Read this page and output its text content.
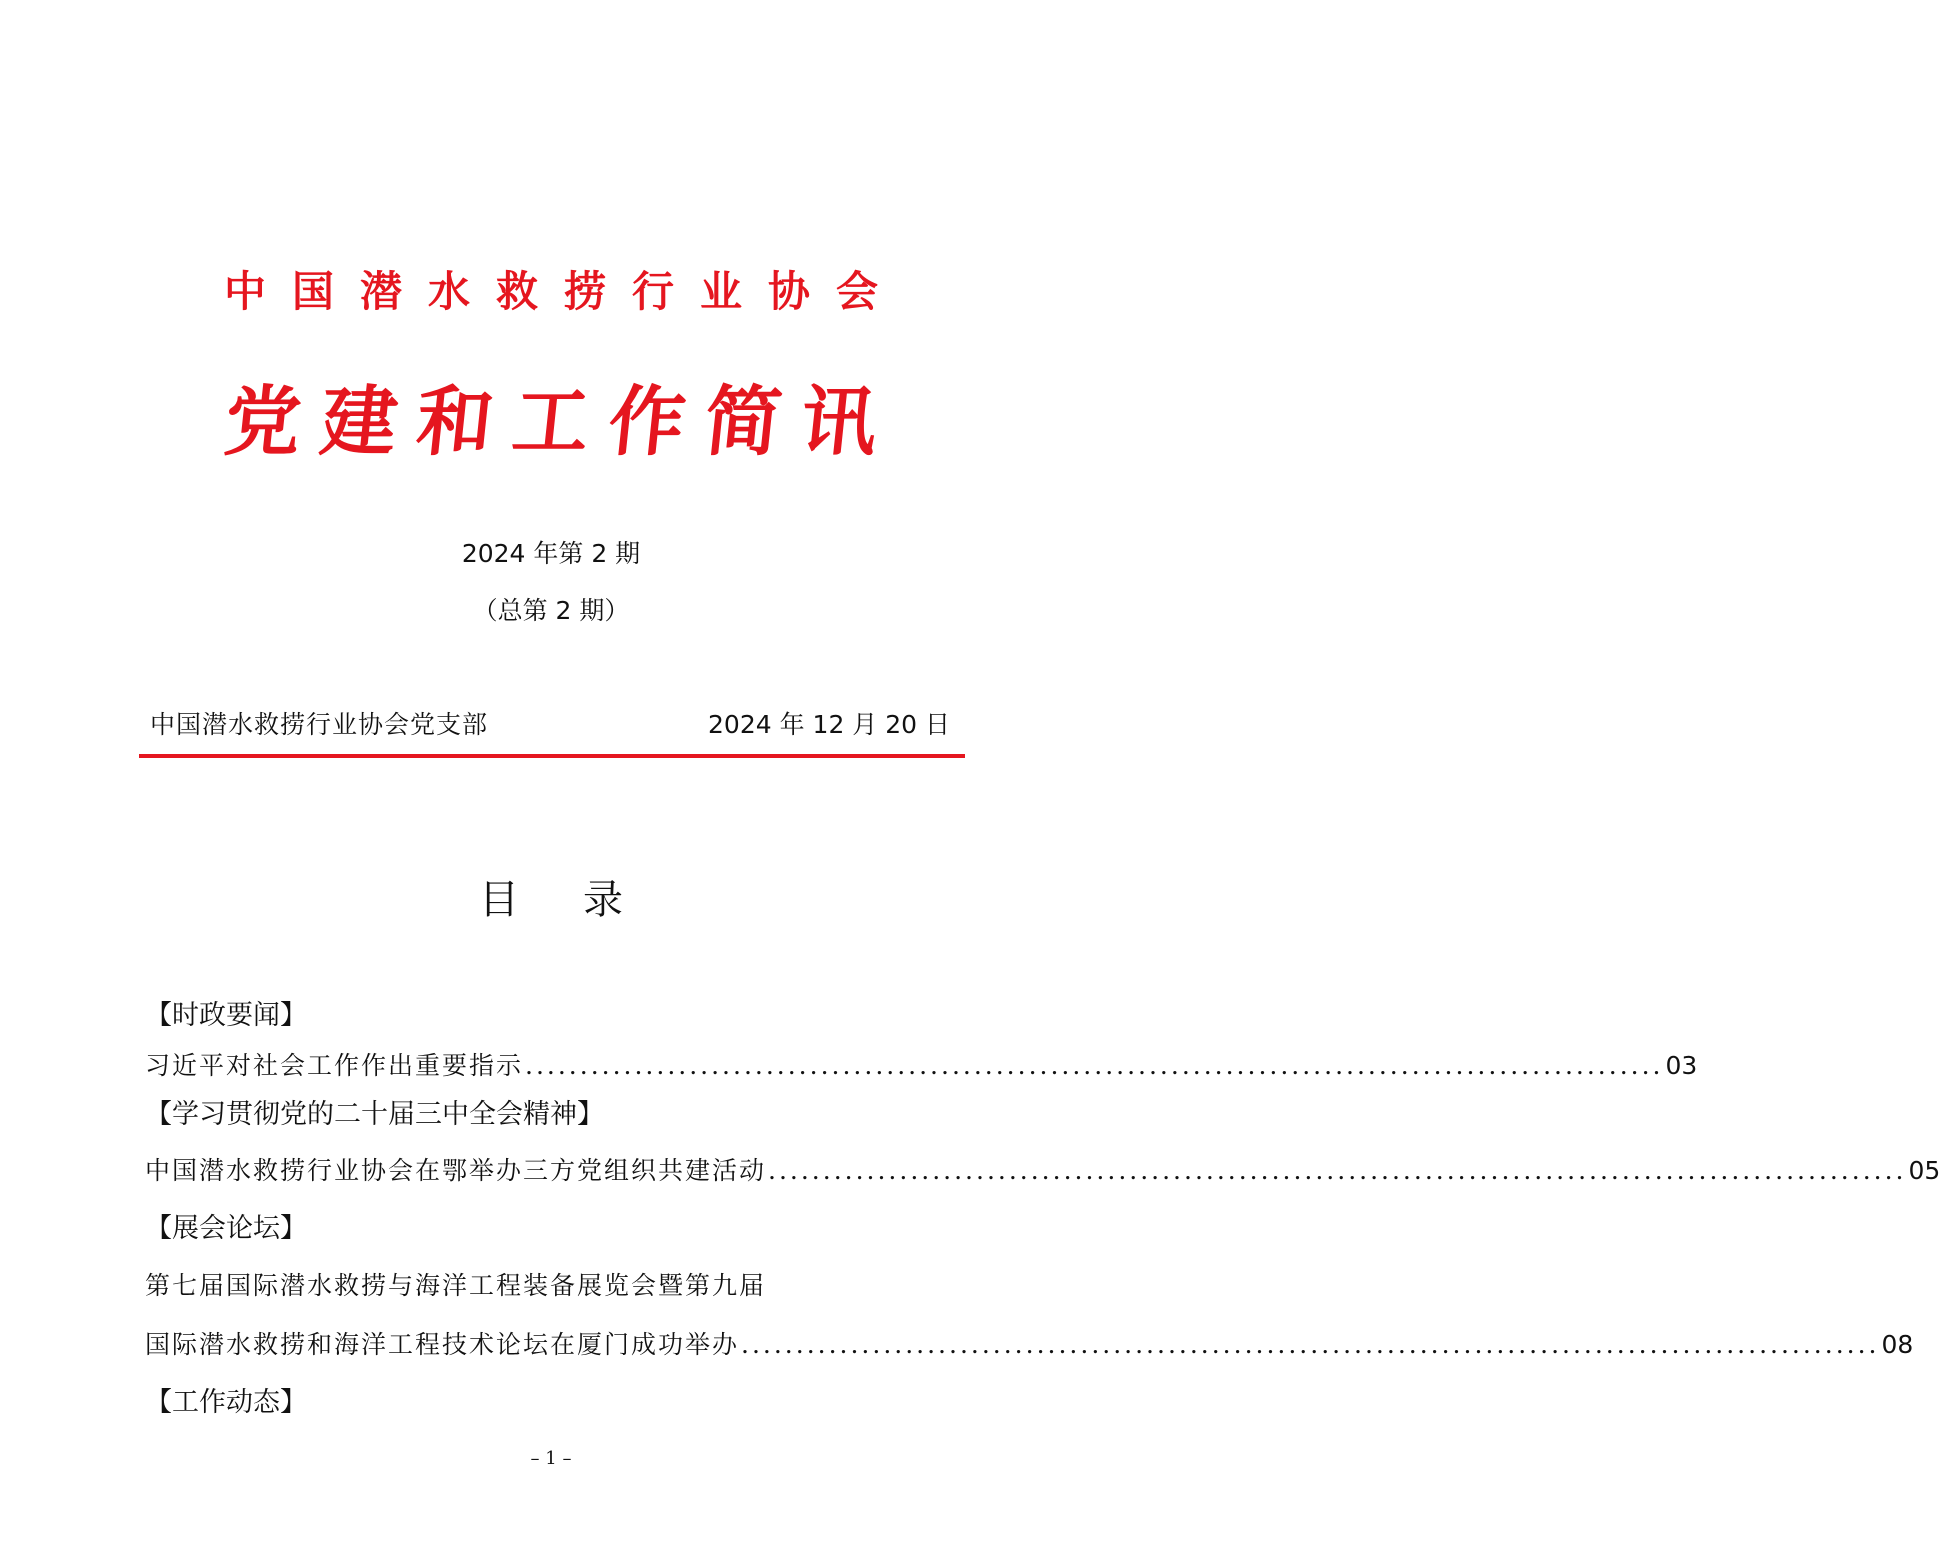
中国潜水救捞行业协会
党建和工作简讯
2024 年第 2 期
（总第 2 期）
中国潜水救捞行业协会党支部	2024 年 12 月 20 日
目录
【时政要闻】
习近平对社会工作作出重要指示 ........................................................................................................ 03
【学习贯彻党的二十届三中全会精神】
中国潜水救捞行业协会在鄂举办三方党组织共建活动 ........................................................................................................ 05
【展会论坛】
第七届国际潜水救捞与海洋工程装备展览会暨第九届
国际潜水救捞和海洋工程技术论坛在厦门成功举办 ........................................................................................................ 08
【工作动态】
– 1 –
